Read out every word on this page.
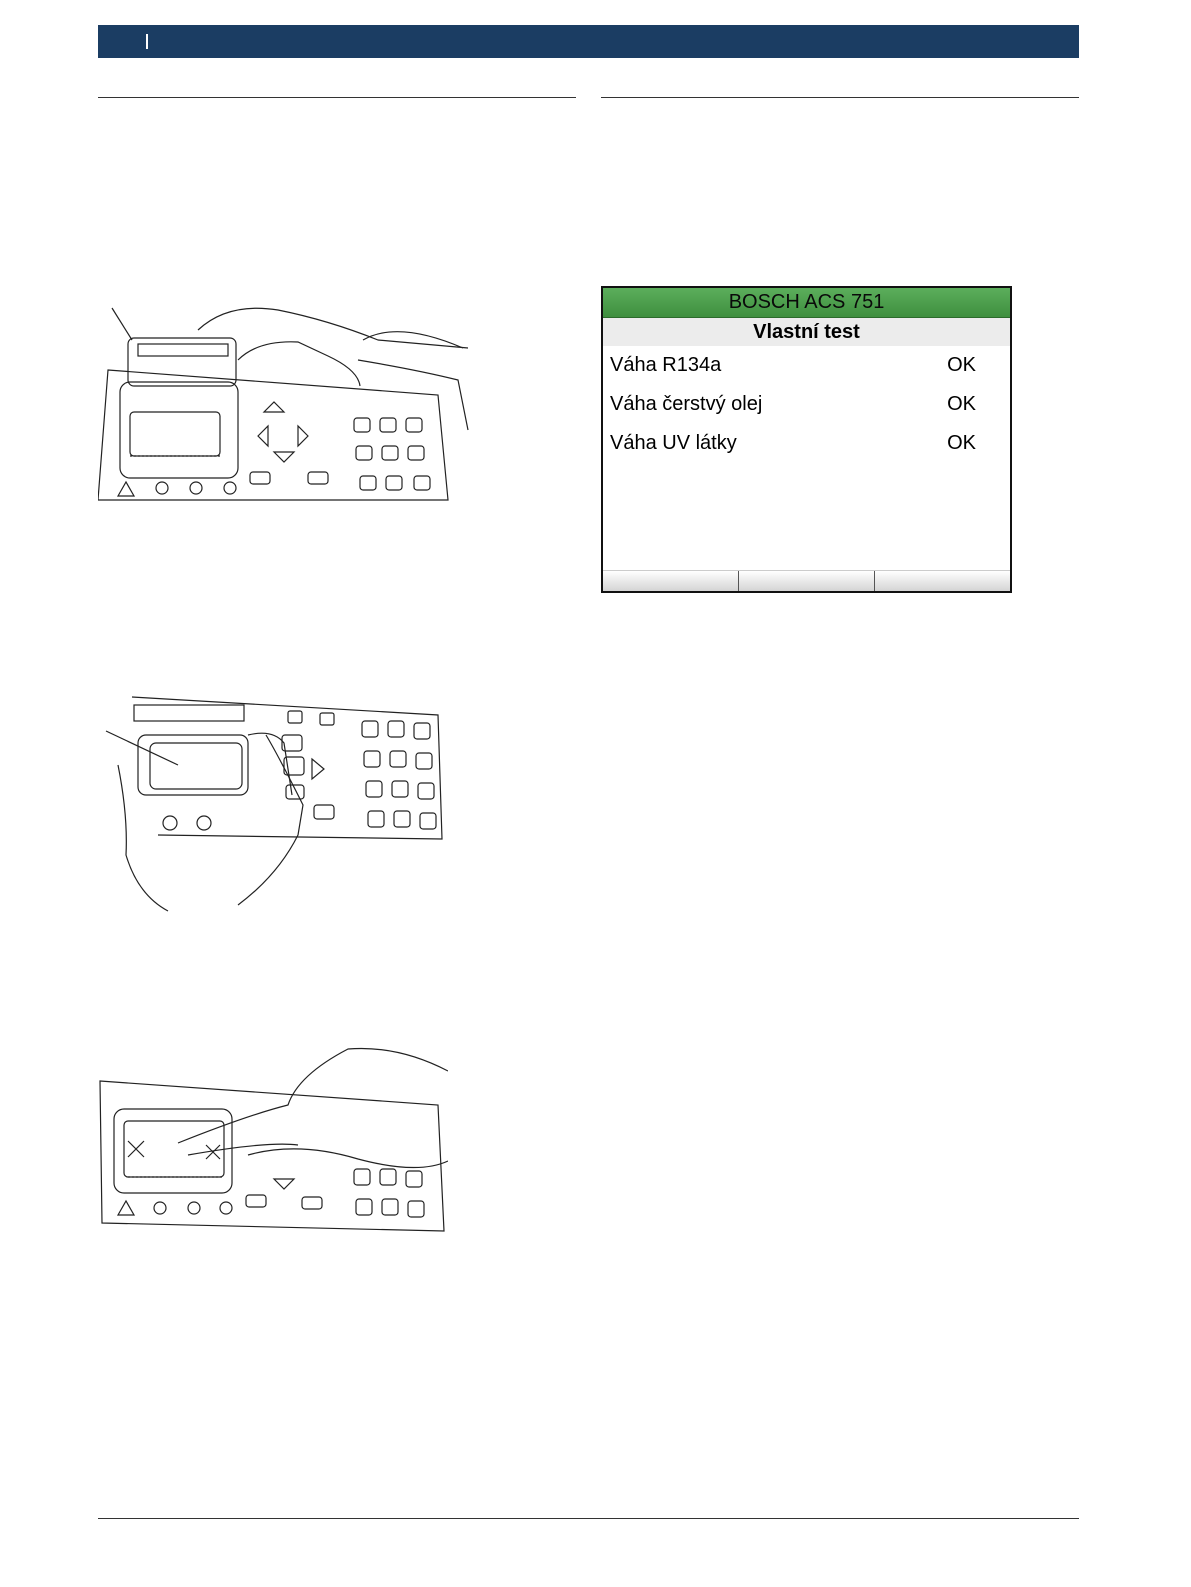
BOSCH ACS 751
Vlastní test
Váha R134a	OK
Váha čerstvý olej	OK
Váha UV látky	OK
